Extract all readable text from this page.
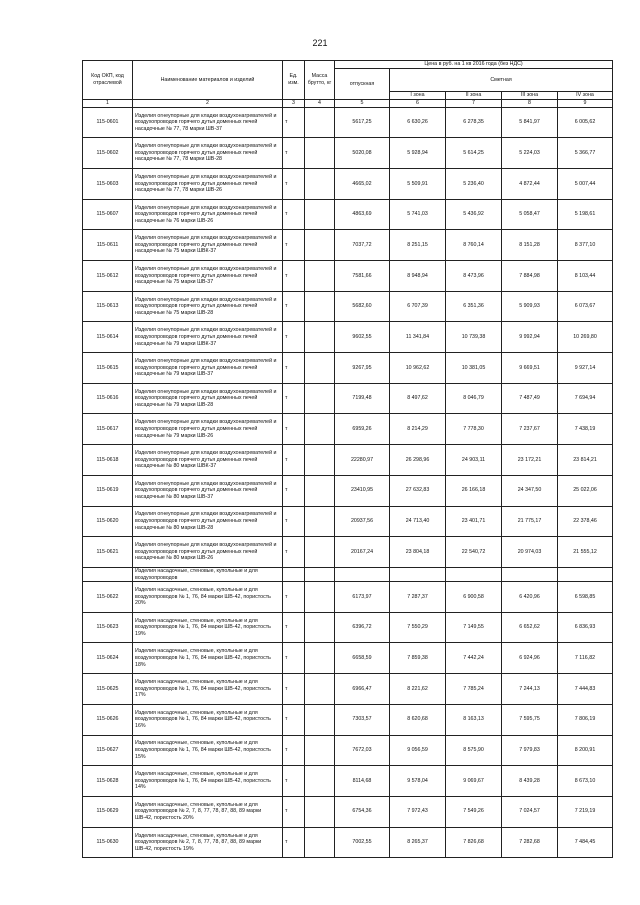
221
Код ОКП, код отраслевой	Наименование материалов и изделий	Ед. изм.	Масса брутто, кг	Цена в руб. на 1 кв 2016 года (без НДС)				
				отпускная	Сметная			
					I зона	II зона	III зона	IV зона
1	2	3	4	5	6	7	8	9
115-0601	Изделия огнеупорные для кладки воздухонагревателей и воздухопроводов горячего дутья доменных печей насадочные № 77, 78 марки ШВ-37	т		5617,25	6 630,26	6 278,35	5 841,97	6 005,62
115-0602	Изделия огнеупорные для кладки воздухонагревателей и воздухопроводов горячего дутья доменных печей насадочные № 77, 78 марки ШВ-28	т		5020,08	5 928,94	5 614,25	5 224,03	5 366,77
115-0603	Изделия огнеупорные для кладки воздухонагревателей и воздухопроводов горячего дутья доменных печей насадочные № 77, 78 марки ШВ-26	т		4665,02	5 509,91	5 236,40	4 872,44	5 007,44
115-0607	Изделия огнеупорные для кладки воздухонагревателей и воздухопроводов горячего дутья доменных печей насадочные № 76 марки ШВ-26	т		4863,69	5 741,03	5 436,92	5 058,47	5 198,61
115-0611	Изделия огнеупорные для кладки воздухонагревателей и воздухопроводов горячего дутья доменных печей насадочные № 75 марки ШВК-37	т		7037,72	8 251,15	8 760,14	8 151,28	8 377,10
115-0612	Изделия огнеупорные для кладки воздухонагревателей и воздухопроводов горячего дутья доменных печей насадочные № 75 марки ШВ-37	т		7581,66	8 948,94	8 473,96	7 884,98	8 103,44
115-0613	Изделия огнеупорные для кладки воздухонагревателей и воздухопроводов горячего дутья доменных печей насадочные № 75 марки ШВ-28	т		5682,60	6 707,39	6 351,36	5 909,93	6 073,67
115-0614	Изделия огнеупорные для кладки воздухонагревателей и воздухопроводов горячего дутья доменных печей насадочные № 79 марки ШВК-37	т		9602,55	11 341,84	10 739,38	9 992,94	10 269,80
115-0615	Изделия огнеупорные для кладки воздухонагревателей и воздухопроводов горячего дутья доменных печей насадочные № 79 марки ШВ-37	т		9267,95	10 962,62	10 381,05	9 669,51	9 927,14
115-0616	Изделия огнеупорные для кладки воздухонагревателей и воздухопроводов горячего дутья доменных печей насадочные № 79 марки ШВ-28	т		7199,48	8 497,62	8 046,79	7 487,49	7 694,94
115-0617	Изделия огнеупорные для кладки воздухонагревателей и воздухопроводов горячего дутья доменных печей насадочные № 79 марки ШВ-26	т		6959,26	8 214,29	7 778,30	7 237,67	7 438,19
115-0618	Изделия огнеупорные для кладки воздухонагревателей и воздухопроводов горячего дутья доменных печей насадочные № 80 марки ШВК-37	т		22280,97	26 298,96	24 903,11	23 172,21	23 814,21
115-0619	Изделия огнеупорные для кладки воздухонагревателей и воздухопроводов горячего дутья доменных печей насадочные № 80 марки ШВ-37	т		23410,95	27 632,83	26 166,18	24 347,50	25 022,06
115-0620	Изделия огнеупорные для кладки воздухонагревателей и воздухопроводов горячего дутья доменных печей насадочные № 80 марки ШВ-28	т		20937,56	24 713,40	23 401,71	21 775,17	22 378,46
115-0621	Изделия огнеупорные для кладки воздухонагревателей и воздухопроводов горячего дутья доменных печей насадочные № 80 марки ШВ-26	т		20167,24	23 804,18	22 540,72	20 974,03	21 555,12
	Изделия насадочные, стеновые, купольные и для воздухопроводов							
115-0622	Изделия насадочные, стеновые, купольные и для воздухопроводов № 1, 76, 84 марки ШВ-42, пористость 20%	т		6173,97	7 287,37	6 900,58	6 420,96	6 598,85
115-0623	Изделия насадочные, стеновые, купольные и для воздухопроводов № 1, 76, 84 марки ШВ-42, пористость 19%	т		6396,72	7 550,29	7 149,55	6 652,62	6 836,93
115-0624	Изделия насадочные, стеновые, купольные и для воздухопроводов № 1, 76, 84 марки ШВ-42, пористость 18%	т		6658,59	7 859,38	7 442,24	6 924,96	7 116,82
115-0625	Изделия насадочные, стеновые, купольные и для воздухопроводов № 1, 76, 84 марки ШВ-42, пористость 17%	т		6966,47	8 221,62	7 785,24	7 244,13	7 444,83
115-0626	Изделия насадочные, стеновые, купольные и для воздухопроводов № 1, 76, 84 марки ШВ-42, пористость 16%	т		7303,57	8 620,68	8 163,13	7 595,75	7 806,19
115-0627	Изделия насадочные, стеновые, купольные и для воздухопроводов № 1, 76, 84 марки ШВ-42, пористость 15%	т		7672,03	9 056,59	8 575,90	7 979,83	8 200,91
115-0628	Изделия насадочные, стеновые, купольные и для воздухопроводов № 1, 76, 84 марки ШВ-42, пористость 14%	т		8114,68	9 578,04	9 069,67	8 439,28	8 673,10
115-0629	Изделия насадочные, стеновые, купольные и для воздухопроводов № 2, 7, 8, 77, 78, 87, 88, 89 марки ШВ-42, пористость 20%	т		6754,36	7 972,43	7 549,26	7 024,57	7 219,19
115-0630	Изделия насадочные, стеновые, купольные и для воздухопроводов № 2, 7, 8, 77, 78, 87, 88, 89 марки ШВ-42, пористость 19%	т		7002,55	8 265,37	7 826,68	7 282,68	7 484,45
